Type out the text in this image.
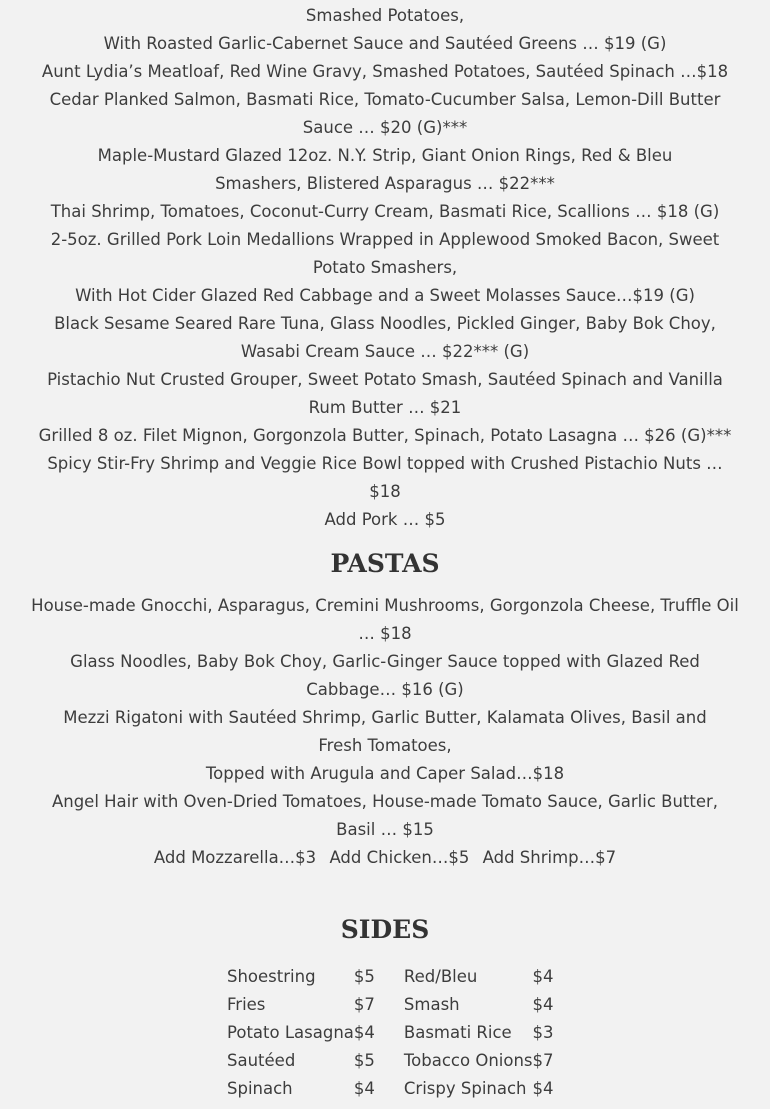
Smashed Potatoes,

With Roasted Garlic-Cabernet Sauce and Sautéed Greens … $19 (G)

Aunt Lydia’s Meatloaf, Red Wine Gravy, Smashed Potatoes, Sautéed Spinach …$18

Cedar Planked Salmon, Basmati Rice, Tomato-Cucumber Salsa, Lemon-Dill Butter Sauce … $20 (G)***

Maple-Mustard Glazed 12oz. N.Y. Strip, Giant Onion Rings, Red & Bleu Smashers, Blistered Asparagus … $22***

Thai Shrimp, Tomatoes, Coconut-Curry Cream, Basmati Rice, Scallions … $18 (G)

2-5oz. Grilled Pork Loin Medallions Wrapped in Applewood Smoked Bacon, Sweet Potato Smashers,

With Hot Cider Glazed Red Cabbage and a Sweet Molasses Sauce…$19 (G)

Black Sesame Seared Rare Tuna, Glass Noodles, Pickled Ginger, Baby Bok Choy, Wasabi Cream Sauce … $22*** (G)

Pistachio Nut Crusted Grouper, Sweet Potato Smash, Sautéed Spinach and Vanilla Rum Butter … $21

Grilled 8 oz. Filet Mignon, Gorgonzola Butter, Spinach, Potato Lasagna … $26 (G)***

Spicy Stir-Fry Shrimp and Veggie Rice Bowl topped with Crushed Pistachio Nuts … $18

Add Pork … $5

PASTAS

House-made Gnocchi, Asparagus, Cremini Mushrooms, Gorgonzola Cheese, Truffle Oil … $18

Glass Noodles, Baby Bok Choy, Garlic-Ginger Sauce topped with Glazed Red Cabbage… $16 (G)

Mezzi Rigatoni with Sautéed Shrimp, Garlic Butter, Kalamata Olives, Basil and Fresh Tomatoes,

Topped with Arugula and Caper Salad…$18

Angel Hair with Oven-Dried Tomatoes, House-made Tomato Sauce, Garlic Butter, Basil … $15

Add Mozzarella…$3 Add Chicken…$5 Add Shrimp…$7

SIDES
Shoestring	$5	Red/Bleu	$4
Fries	$7	Smash	$4
Potato Lasagna	$4	Basmati Rice	$3
Sautéed	$5	Tobacco Onions	$7
Spinach	$4	Crispy Spinach	$4
